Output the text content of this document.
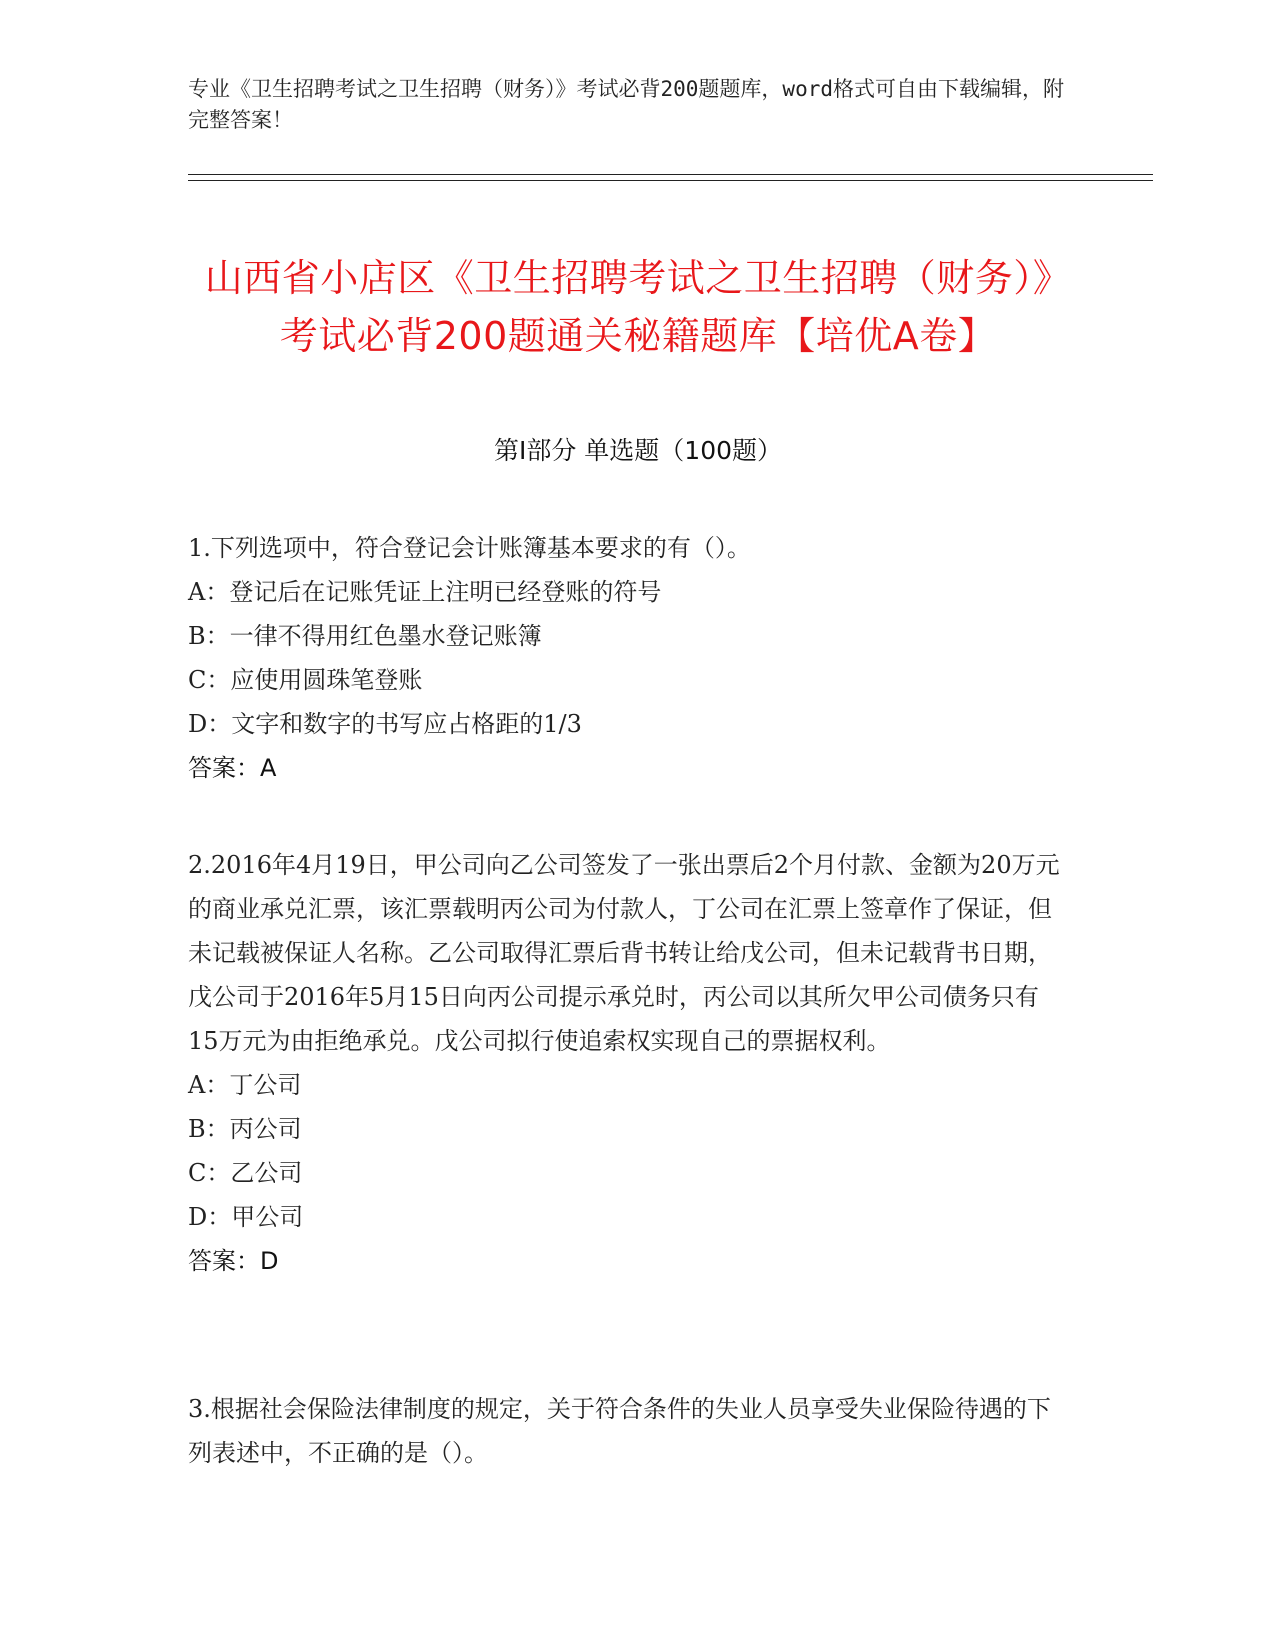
专业《卫生招聘考试之卫生招聘（财务）》考试必背200题题库，word格式可自由下载编辑，附完整答案！
山西省小店区《卫生招聘考试之卫生招聘（财务）》考试必背200题通关秘籍题库【培优A卷】
第Ⅰ部分 单选题（100题）

1.下列选项中，符合登记会计账簿基本要求的有（）。

A：登记后在记账凭证上注明已经登账的符号

B：一律不得用红色墨水登记账簿

C：应使用圆珠笔登账

D：文字和数字的书写应占格距的1/3

答案：A

2.2016年4月19日，甲公司向乙公司签发了一张出票后2个月付款、金额为20万元的商业承兑汇票，该汇票载明丙公司为付款人，丁公司在汇票上签章作了保证，但未记载被保证人名称。乙公司取得汇票后背书转让给戊公司，但未记载背书日期，戊公司于2016年5月15日向丙公司提示承兑时，丙公司以其所欠甲公司债务只有15万元为由拒绝承兑。戊公司拟行使追索权实现自己的票据权利。

A：丁公司

B：丙公司

C：乙公司

D：甲公司

答案：D

3.根据社会保险法律制度的规定，关于符合条件的失业人员享受失业保险待遇的下列表述中，不正确的是（）。
